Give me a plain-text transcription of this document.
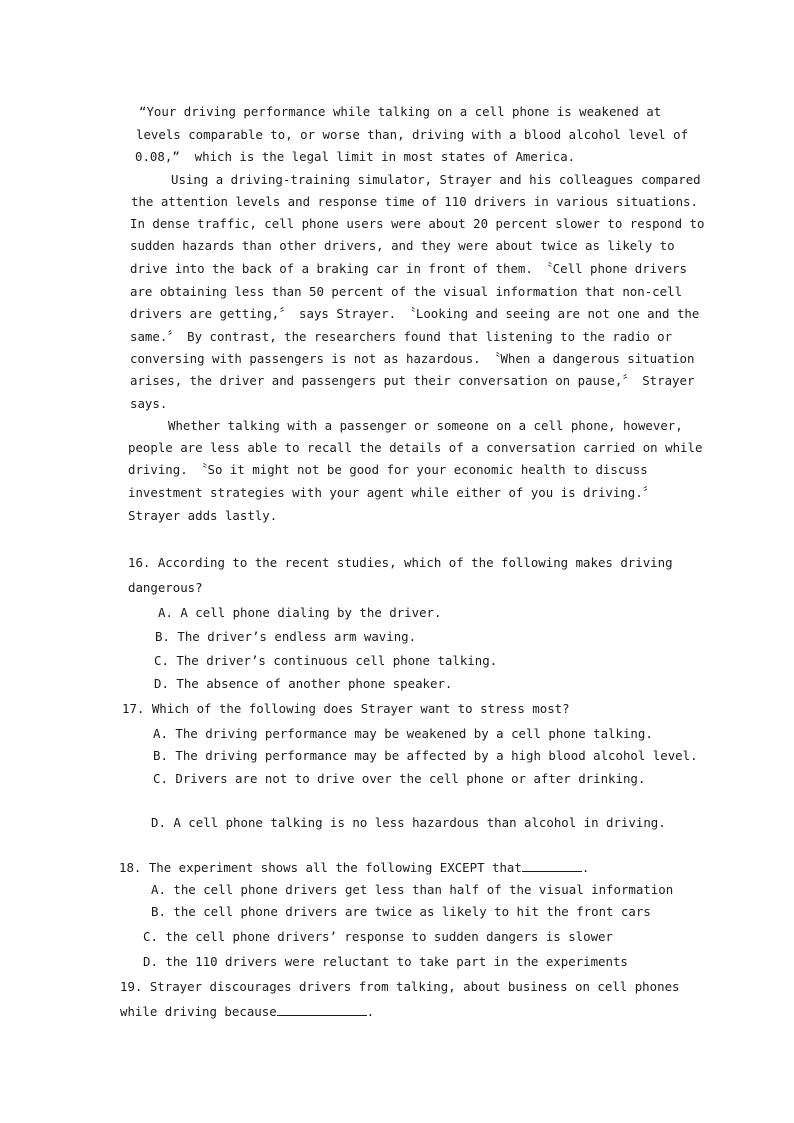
“Your driving performance while talking on a cell phone is weakened at
levels comparable to, or worse than, driving with a blood alcohol level of
0.08,”  which is the legal limit in most states of America.
Using a driving-training simulator, Strayer and his colleagues compared
the attention levels and response time of 110 drivers in various situations.
In dense traffic, cell phone users were about 20 percent slower to respond to
sudden hazards than other drivers, and they were about twice as likely to
drive into the back of a braking car in front of them. 〝Cell phone drivers
are obtaining less than 50 percent of the visual information that non-cell
drivers are getting,〞 says Strayer. 〝Looking and seeing are not one and the
same.〞 By contrast, the researchers found that listening to the radio or
conversing with passengers is not as hazardous. 〝When a dangerous situation
arises, the driver and passengers put their conversation on pause,〞 Strayer
says.
Whether talking with a passenger or someone on a cell phone, however,
people are less able to recall the details of a conversation carried on while
driving. 〝So it might not be good for your economic health to discuss
investment strategies with your agent while either of you is driving.〞
Strayer adds lastly.
16. According to the recent studies, which of the following makes driving
dangerous?
A. A cell phone dialing by the driver.
B. The driver’s endless arm waving.
C. The driver’s continuous cell phone talking.
D. The absence of another phone speaker.
17. Which of the following does Strayer want to stress most?
A. The driving performance may be weakened by a cell phone talking.
B. The driving performance may be affected by a high blood alcohol level.
C. Drivers are not to drive over the cell phone or after drinking.
D. A cell phone talking is no less hazardous than alcohol in driving.
18. The experiment shows all the following EXCEPT that	.
A. the cell phone drivers get less than half of the visual information
B. the cell phone drivers are twice as likely to hit the front cars
C. the cell phone drivers’ response to sudden dangers is slower
D. the 110 drivers were reluctant to take part in the experiments
19. Strayer discourages drivers from talking, about business on cell phones
while driving because	.
